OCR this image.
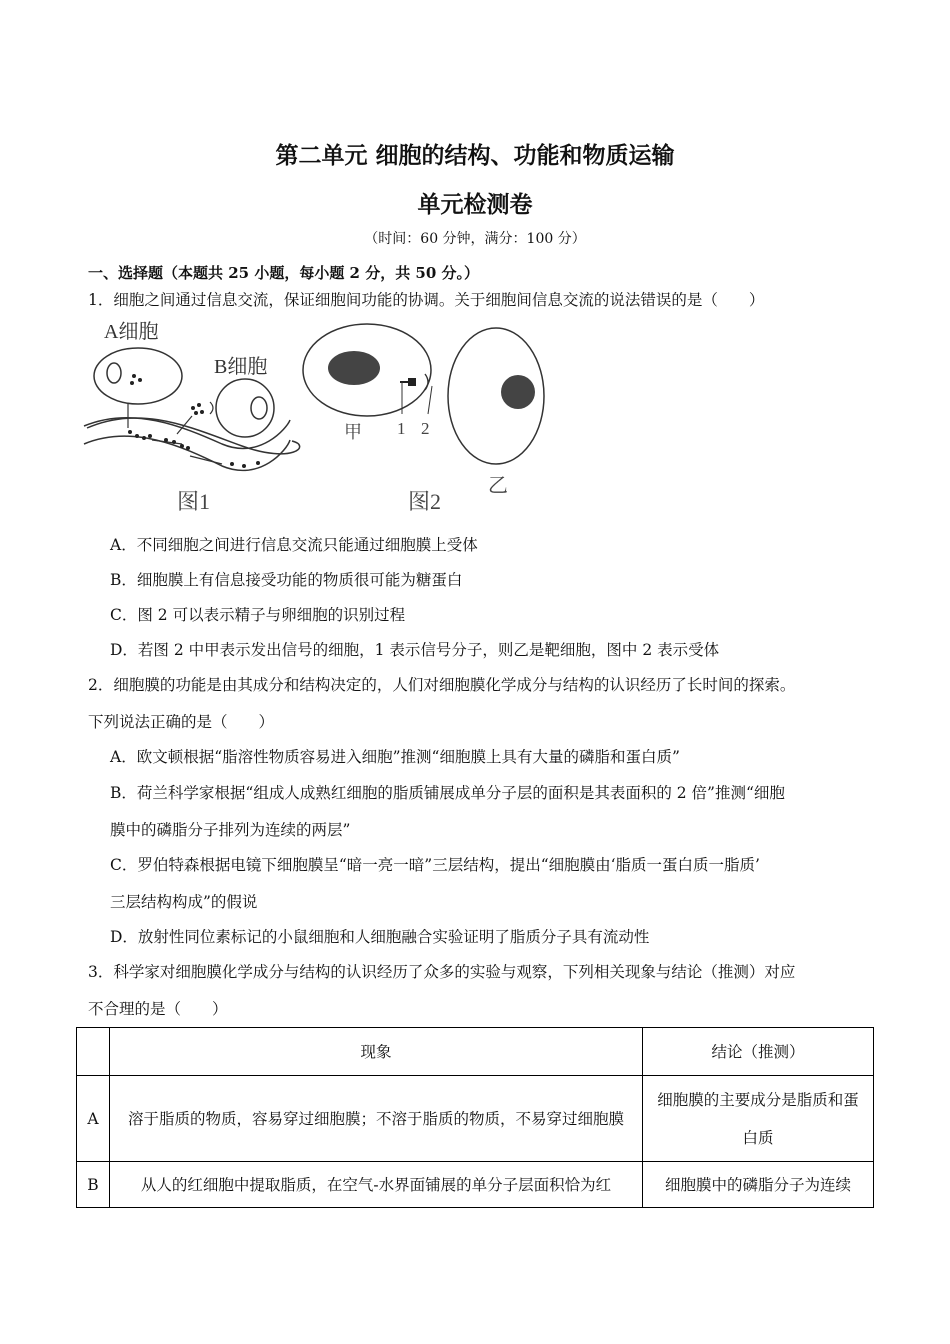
第二单元 细胞的结构、功能和物质运输
单元检测卷
（时间：60 分钟，满分：100 分）
一、选择题（本题共 25 小题，每小题 2 分，共 50 分。）
1．细胞之间通过信息交流，保证细胞间功能的协调。关于细胞间信息交流的说法错误的是（　　）
A细胞
B细胞
图1
甲 1 2
乙
图2
A．不同细胞之间进行信息交流只能通过细胞膜上受体
B．细胞膜上有信息接受功能的物质很可能为糖蛋白
C．图 2 可以表示精子与卵细胞的识别过程
D．若图 2 中甲表示发出信号的细胞，1 表示信号分子，则乙是靶细胞，图中 2 表示受体
2．细胞膜的功能是由其成分和结构决定的，人们对细胞膜化学成分与结构的认识经历了长时间的探索。
下列说法正确的是（　　）
A．欧文顿根据“脂溶性物质容易进入细胞”推测“细胞膜上具有大量的磷脂和蛋白质”
B．荷兰科学家根据“组成人成熟红细胞的脂质铺展成单分子层的面积是其表面积的 2 倍”推测“细胞
膜中的磷脂分子排列为连续的两层”
C．罗伯特森根据电镜下细胞膜呈“暗一亮一暗”三层结构，提出“细胞膜由‘脂质一蛋白质一脂质’
三层结构构成”的假说
D．放射性同位素标记的小鼠细胞和人细胞融合实验证明了脂质分子具有流动性
3．科学家对细胞膜化学成分与结构的认识经历了众多的实验与观察，下列相关现象与结论（推测）对应
不合理的是（　　）
	现象	结论（推测）
A	溶于脂质的物质，容易穿过细胞膜；不溶于脂质的物质，不易穿过细胞膜	细胞膜的主要成分是脂质和蛋白质
B	从人的红细胞中提取脂质，在空气-水界面铺展的单分子层面积恰为红	细胞膜中的磷脂分子为连续
